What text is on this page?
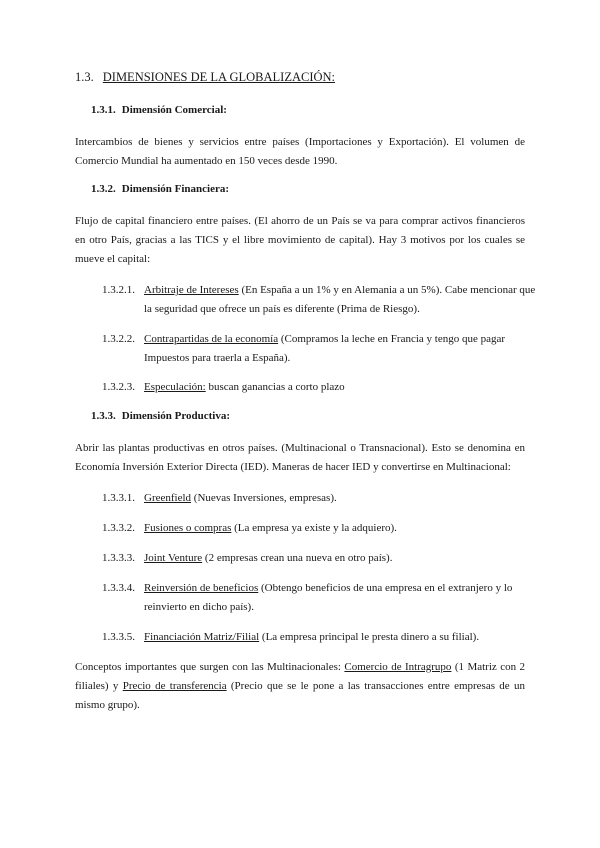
1.3. DIMENSIONES DE LA GLOBALIZACIÓN:
1.3.1. Dimensión Comercial:
Intercambios de bienes y servicios entre países (Importaciones y Exportación). El volumen de Comercio Mundial ha aumentado en 150 veces desde 1990.
1.3.2. Dimensión Financiera:
Flujo de capital financiero entre países. (El ahorro de un País se va para comprar activos financieros en otro País, gracias a las TICS y el libre movimiento de capital). Hay 3 motivos por los cuales se mueve el capital:
1.3.2.1. Arbitraje de Intereses (En España a un 1% y en Alemania a un 5%). Cabe mencionar que la seguridad que ofrece un país es diferente (Prima de Riesgo).
1.3.2.2. Contrapartidas de la economía (Compramos la leche en Francia y tengo que pagar Impuestos para traerla a España).
1.3.2.3. Especulación: buscan ganancias a corto plazo
1.3.3. Dimensión Productiva:
Abrir las plantas productivas en otros países. (Multinacional o Transnacional). Esto se denomina en Economía Inversión Exterior Directa (IED). Maneras de hacer IED y convertirse en Multinacional:
1.3.3.1. Greenfield (Nuevas Inversiones, empresas).
1.3.3.2. Fusiones o compras (La empresa ya existe y la adquiero).
1.3.3.3. Joint Venture (2 empresas crean una nueva en otro país).
1.3.3.4. Reinversión de beneficios (Obtengo beneficios de una empresa en el extranjero y lo reinvierto en dicho país).
1.3.3.5. Financiación Matriz/Filial (La empresa principal le presta dinero a su filial).
Conceptos importantes que surgen con las Multinacionales: Comercio de Intragrupo (1 Matriz con 2 filiales) y Precio de transferencia (Precio que se le pone a las transacciones entre empresas de un mismo grupo).
